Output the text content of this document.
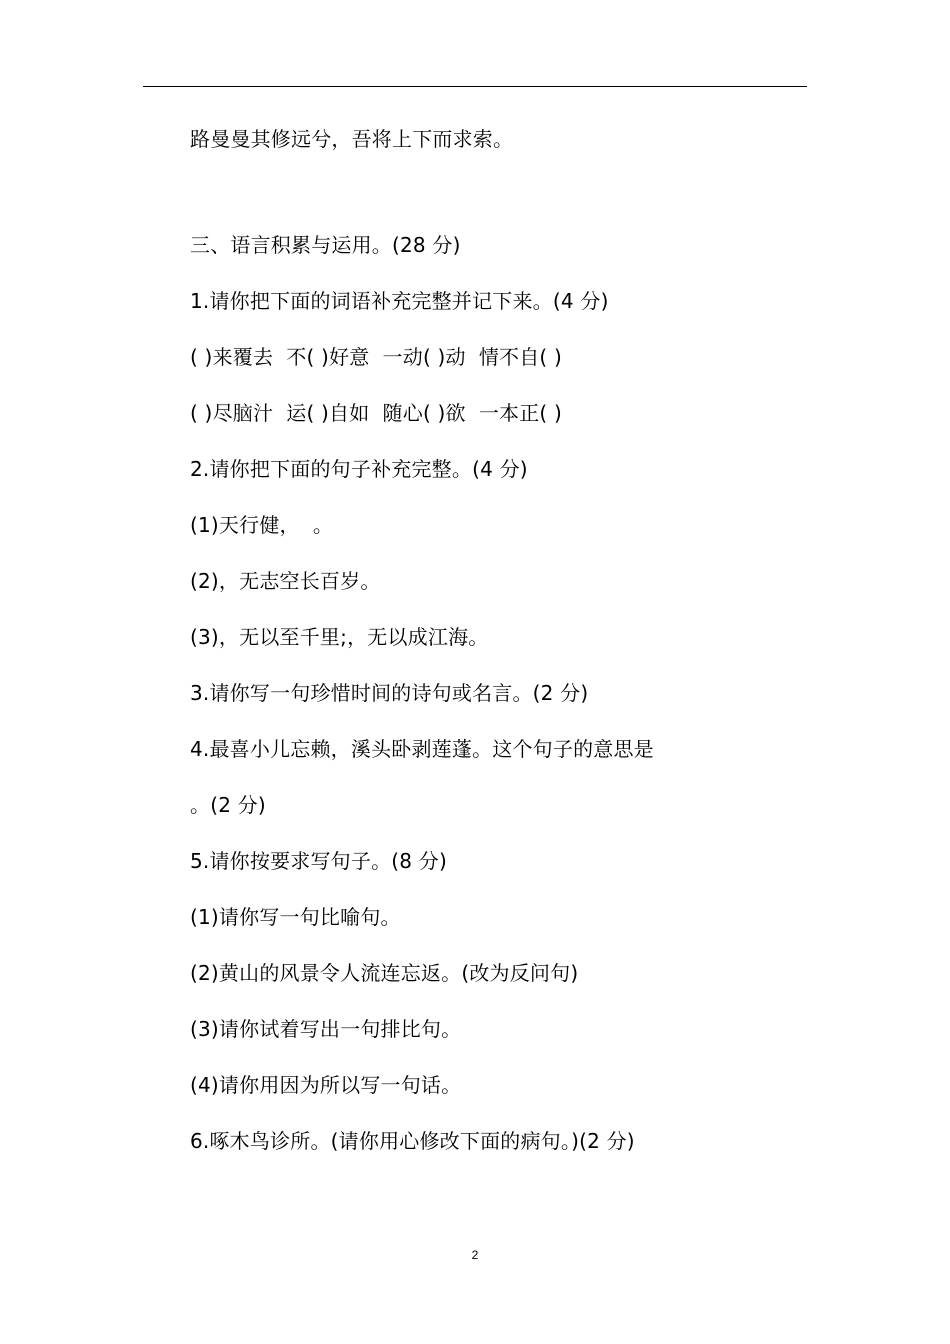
路曼曼其修远兮，吾将上下而求索。
三、语言积累与运用。(28 分)
1.请你把下面的词语补充完整并记下来。(4 分)
( )来覆去  不( )好意  一动( )动  情不自( )
( )尽脑汁  运( )自如  随心( )欲  一本正( )
2.请你把下面的句子补充完整。(4 分)
(1)天行健，  。
(2)，无志空长百岁。
(3)，无以至千里;，无以成江海。
3.请你写一句珍惜时间的诗句或名言。(2 分)
4.最喜小儿忘赖，溪头卧剥莲蓬。这个句子的意思是
。(2 分)
5.请你按要求写句子。(8 分)
(1)请你写一句比喻句。
(2)黄山的风景令人流连忘返。(改为反问句)
(3)请你试着写出一句排比句。
(4)请你用因为所以写一句话。
6.啄木鸟诊所。(请你用心修改下面的病句。)(2 分)
2
